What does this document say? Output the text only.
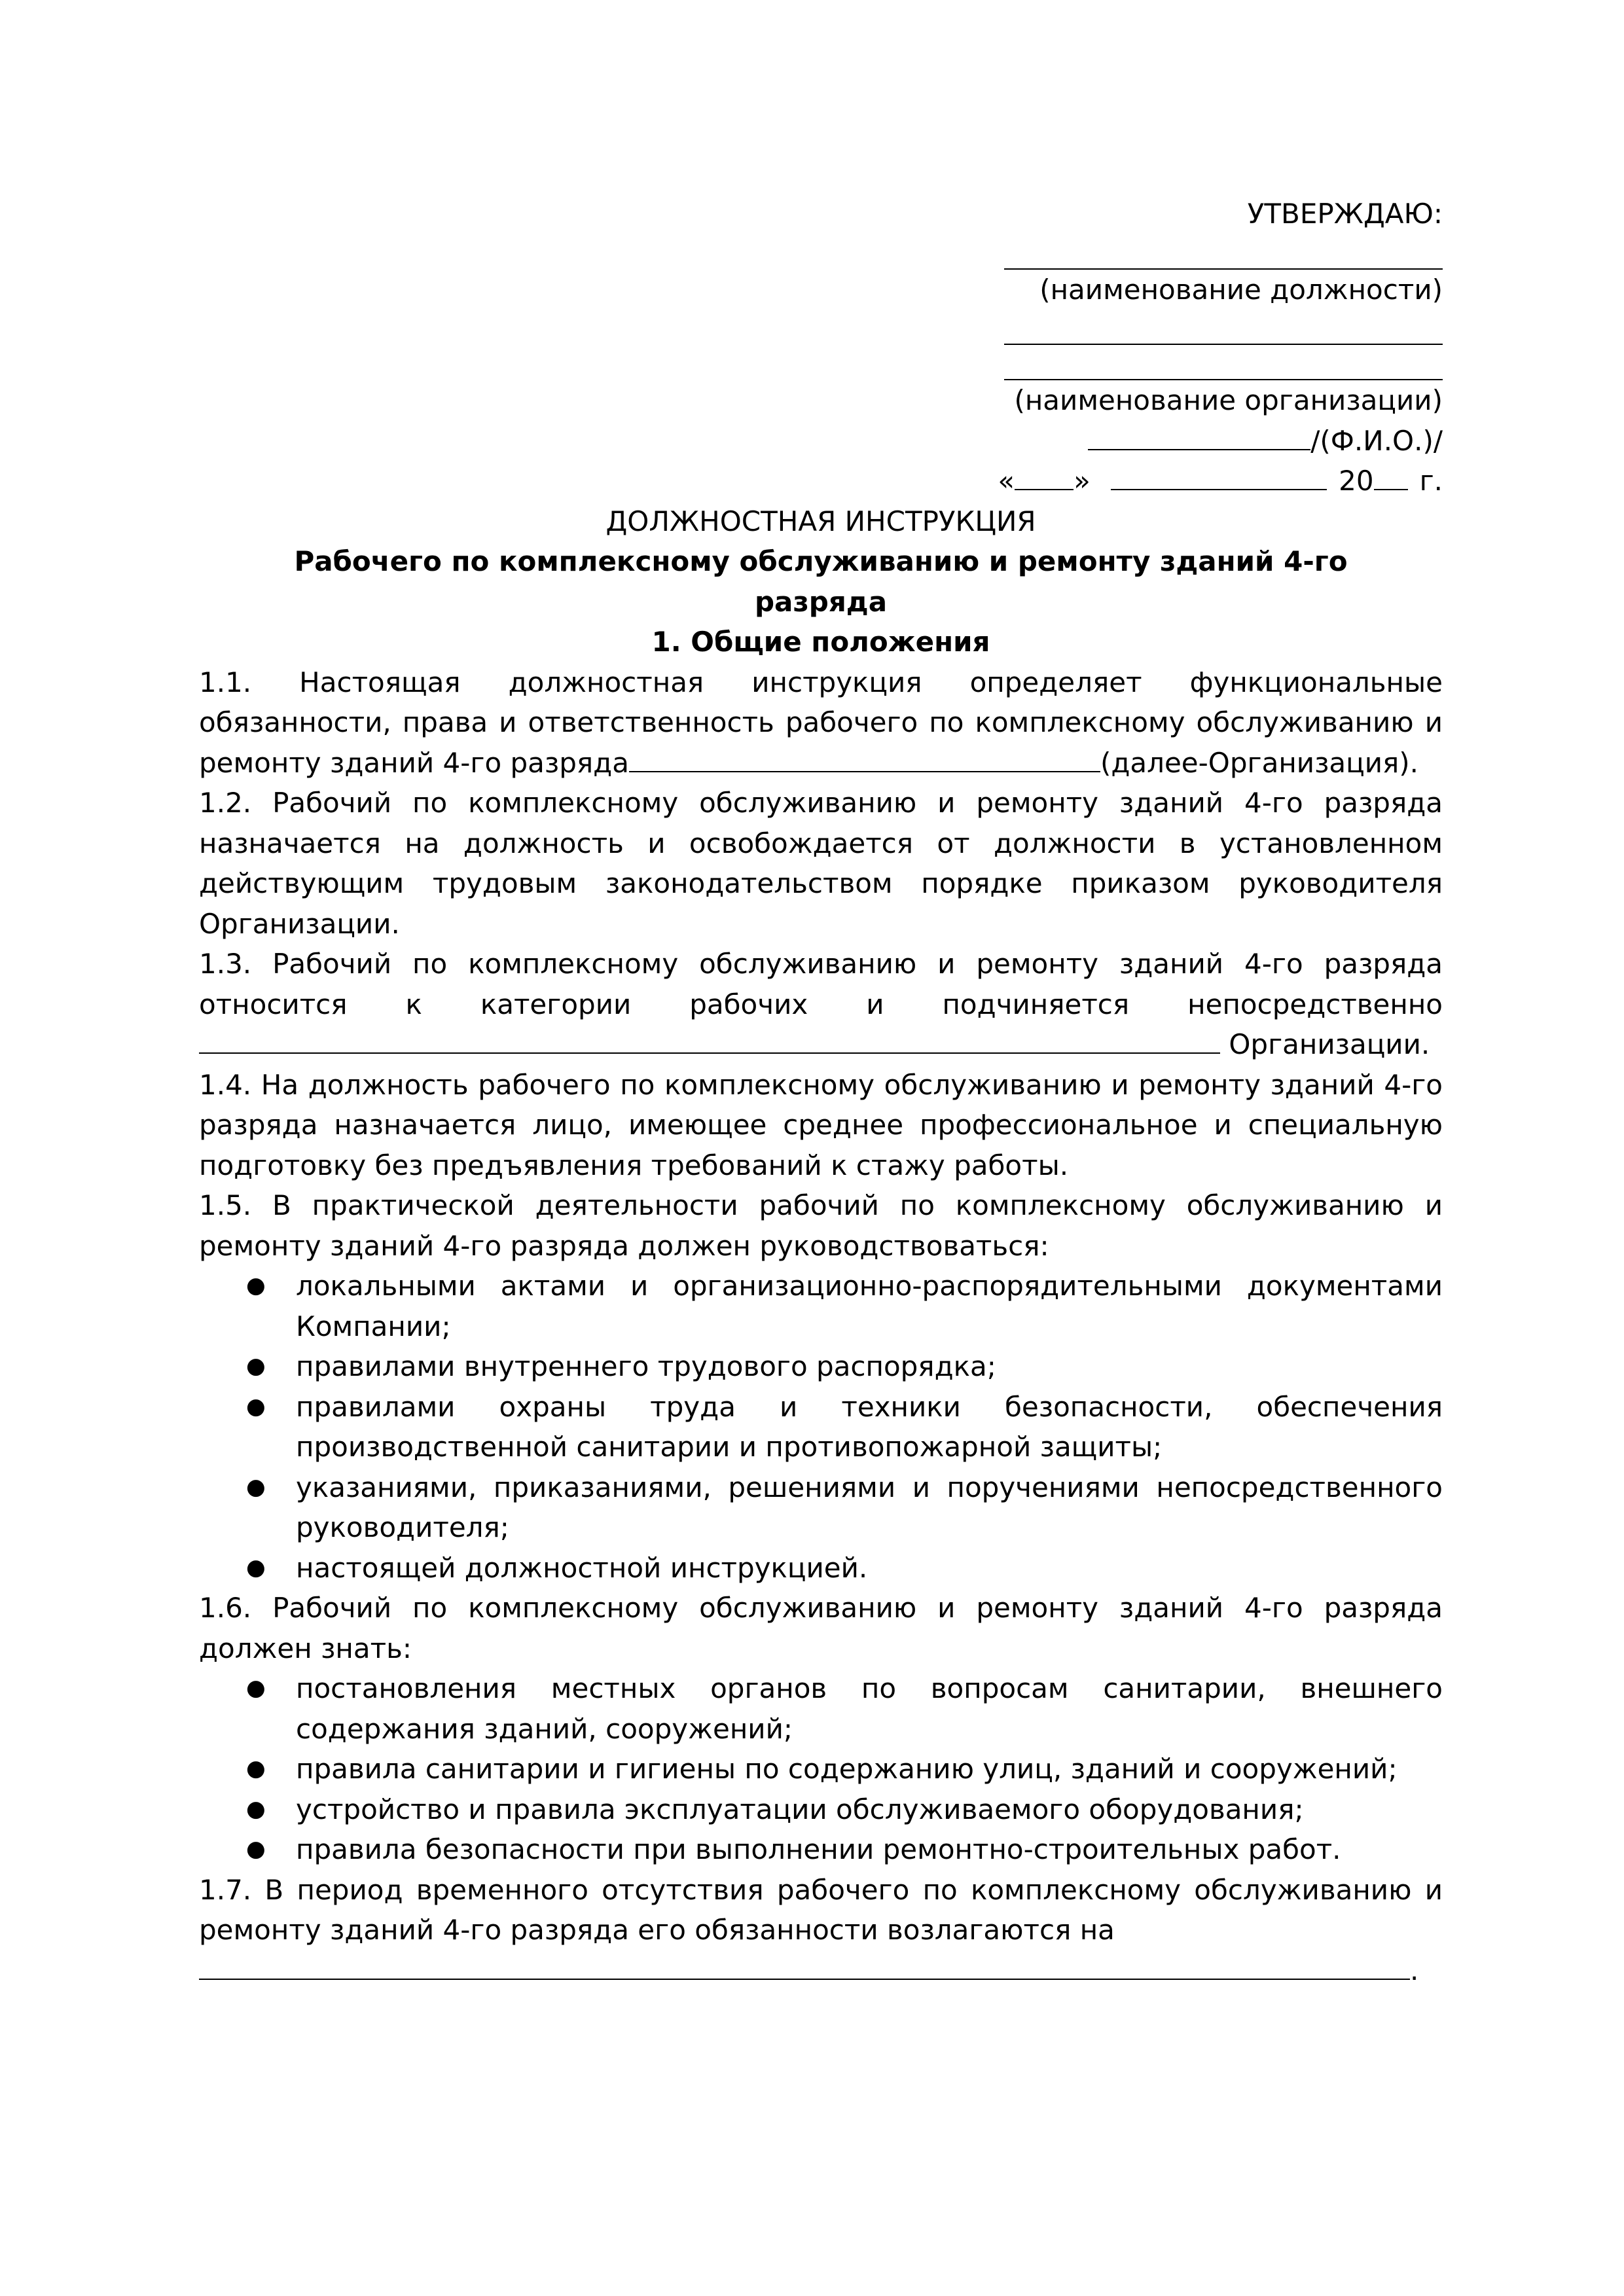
УТВЕРЖДАЮ:
(наименование должности)
(наименование организации)
/(Ф.И.О.)/
« »	20 г.
ДОЛЖНОСТНАЯ ИНСТРУКЦИЯ
Рабочего по комплексному обслуживанию и ремонту зданий 4-го разряда
1. Общие положения
1.1. Настоящая должностная инструкция определяет функциональные обязанности, права и ответственность рабочего по комплексному обслуживанию и ремонту зданий 4-го разряда	(далее-Организация).
1.2. Рабочий по комплексному обслуживанию и ремонту зданий 4-го разряда назначается на должность и освобождается от должности в установленном действующим трудовым законодательством порядке приказом руководителя Организации.
1.3. Рабочий по комплексному обслуживанию и ремонту зданий 4-го разряда относится к категории рабочих и подчиняется непосредственно  Организации.
1.4. На должность рабочего по комплексному обслуживанию и ремонту зданий 4-го разряда назначается лицо, имеющее среднее профессиональное и специальную подготовку без предъявления требований к стажу работы.
1.5. В практической деятельности рабочий по комплексному обслуживанию и ремонту зданий 4-го разряда должен руководствоваться:
● локальными актами и организационно-распорядительными документами Компании;
● правилами внутреннего трудового распорядка;
● правилами охраны труда и техники безопасности, обеспечения производственной санитарии и противопожарной защиты;
● указаниями, приказаниями, решениями и поручениями непосредственного руководителя;
● настоящей должностной инструкцией.
1.6. Рабочий по комплексному обслуживанию и ремонту зданий 4-го разряда должен знать:
● постановления местных органов по вопросам санитарии, внешнего содержания зданий, сооружений;
● правила санитарии и гигиены по содержанию улиц, зданий и сооружений;
● устройство и правила эксплуатации обслуживаемого оборудования;
● правила безопасности при выполнении ремонтно-строительных работ.
1.7. В период временного отсутствия рабочего по комплексному обслуживанию и ремонту зданий 4-го разряда его обязанности возлагаются на
.
